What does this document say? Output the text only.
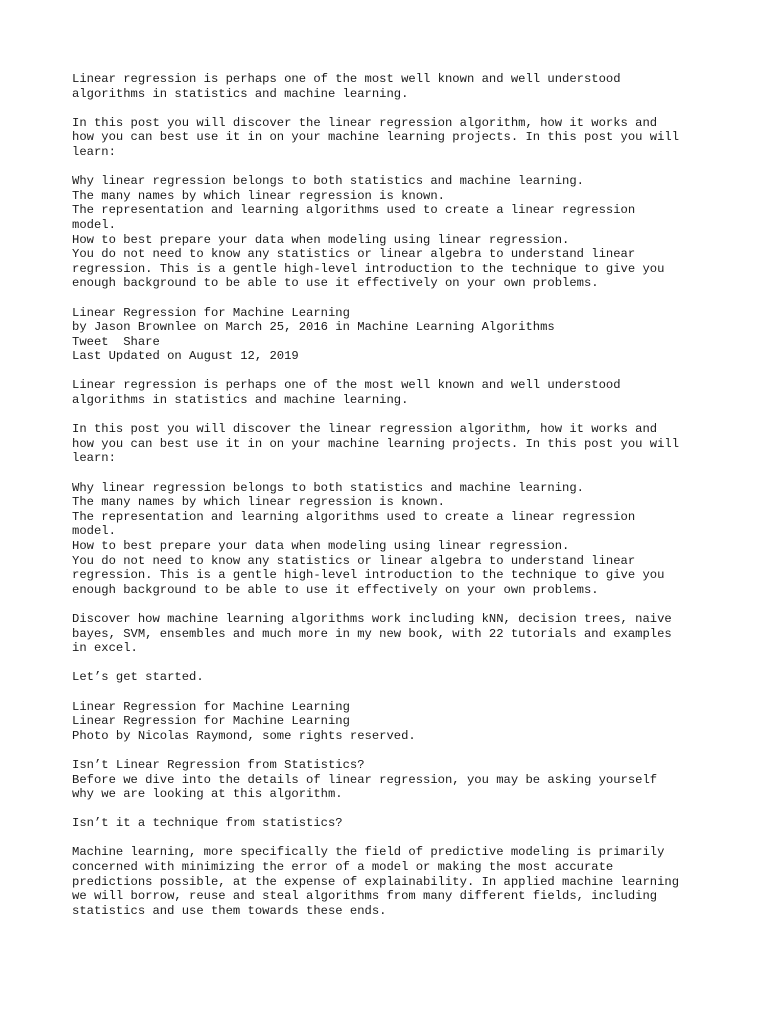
Linear regression is perhaps one of the most well known and well understood
algorithms in statistics and machine learning.
In this post you will discover the linear regression algorithm, how it works and
how you can best use it in on your machine learning projects. In this post you will
learn:
Why linear regression belongs to both statistics and machine learning.
The many names by which linear regression is known.
The representation and learning algorithms used to create a linear regression
model.
How to best prepare your data when modeling using linear regression.
You do not need to know any statistics or linear algebra to understand linear
regression. This is a gentle high-level introduction to the technique to give you
enough background to be able to use it effectively on your own problems.
Linear Regression for Machine Learning
by Jason Brownlee on March 25, 2016 in Machine Learning Algorithms
Tweet  Share
Last Updated on August 12, 2019
Linear regression is perhaps one of the most well known and well understood
algorithms in statistics and machine learning.
In this post you will discover the linear regression algorithm, how it works and
how you can best use it in on your machine learning projects. In this post you will
learn:
Why linear regression belongs to both statistics and machine learning.
The many names by which linear regression is known.
The representation and learning algorithms used to create a linear regression
model.
How to best prepare your data when modeling using linear regression.
You do not need to know any statistics or linear algebra to understand linear
regression. This is a gentle high-level introduction to the technique to give you
enough background to be able to use it effectively on your own problems.
Discover how machine learning algorithms work including kNN, decision trees, naive
bayes, SVM, ensembles and much more in my new book, with 22 tutorials and examples
in excel.
Let’s get started.
Linear Regression for Machine Learning
Linear Regression for Machine Learning
Photo by Nicolas Raymond, some rights reserved.
Isn’t Linear Regression from Statistics?
Before we dive into the details of linear regression, you may be asking yourself
why we are looking at this algorithm.
Isn’t it a technique from statistics?
Machine learning, more specifically the field of predictive modeling is primarily
concerned with minimizing the error of a model or making the most accurate
predictions possible, at the expense of explainability. In applied machine learning
we will borrow, reuse and steal algorithms from many different fields, including
statistics and use them towards these ends.
